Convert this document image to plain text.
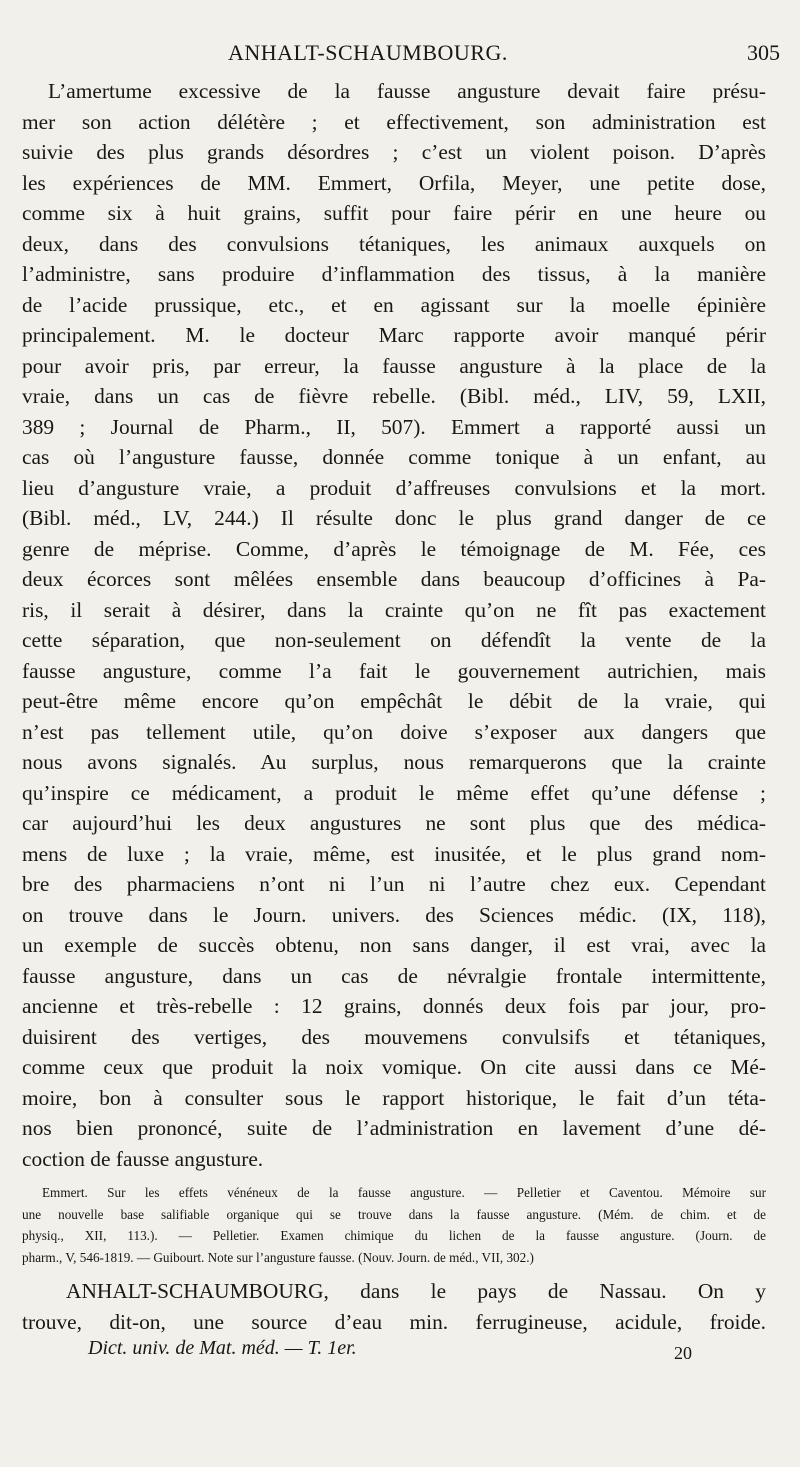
ANHALT-SCHAUMBOURG.	305
L’amertume excessive de la fausse angusture devait faire présu-
mer son action délétère ; et effectivement, son administration est
suivie des plus grands désordres ; c’est un violent poison. D’après
les expériences de MM. Emmert, Orfila, Meyer, une petite dose,
comme six à huit grains, suffit pour faire périr en une heure ou
deux, dans des convulsions tétaniques, les animaux auxquels on
l’administre, sans produire d’inflammation des tissus, à la manière
de l’acide prussique, etc., et en agissant sur la moelle épinière
principalement. M. le docteur Marc rapporte avoir manqué périr
pour avoir pris, par erreur, la fausse angusture à la place de la
vraie, dans un cas de fièvre rebelle. (Bibl. méd., LIV, 59, LXII,
389 ; Journal de Pharm., II, 507). Emmert a rapporté aussi un
cas où l’angusture fausse, donnée comme tonique à un enfant, au
lieu d’angusture vraie, a produit d’affreuses convulsions et la mort.
(Bibl. méd., LV, 244.) Il résulte donc le plus grand danger de ce
genre de méprise. Comme, d’après le témoignage de M. Fée, ces
deux écorces sont mêlées ensemble dans beaucoup d’officines à Pa-
ris, il serait à désirer, dans la crainte qu’on ne fît pas exactement
cette séparation, que non-seulement on défendît la vente de la
fausse angusture, comme l’a fait le gouvernement autrichien, mais
peut-être même encore qu’on empêchât le débit de la vraie, qui
n’est pas tellement utile, qu’on doive s’exposer aux dangers que
nous avons signalés. Au surplus, nous remarquerons que la crainte
qu’inspire ce médicament, a produit le même effet qu’une défense ;
car aujourd’hui les deux angustures ne sont plus que des médica-
mens de luxe ; la vraie, même, est inusitée, et le plus grand nom-
bre des pharmaciens n’ont ni l’un ni l’autre chez eux. Cependant
on trouve dans le Journ. univers. des Sciences médic. (IX, 118),
un exemple de succès obtenu, non sans danger, il est vrai, avec la
fausse angusture, dans un cas de névralgie frontale intermittente,
ancienne et très-rebelle : 12 grains, donnés deux fois par jour, pro-
duisirent des vertiges, des mouvemens convulsifs et tétaniques,
comme ceux que produit la noix vomique. On cite aussi dans ce Mé-
moire, bon à consulter sous le rapport historique, le fait d’un téta-
nos bien prononcé, suite de l’administration en lavement d’une dé-
coction de fausse angusture.
Emmert. Sur les effets vénéneux de la fausse angusture. — Pelletier et Caventou. Mémoire sur
une nouvelle base salifiable organique qui se trouve dans la fausse angusture. (Mém. de chim. et de
physiq., XII, 113.). — Pelletier. Examen chimique du lichen de la fausse angusture. (Journ. de
pharm., V, 546-1819. — Guibourt. Note sur l’angusture fausse. (Nouv. Journ. de méd., VII, 302.)
ANHALT-SCHAUMBOURG, dans le pays de Nassau. On y
trouve, dit-on, une source d’eau min. ferrugineuse, acidule, froide.
Dict. univ. de Mat. méd. — T. 1er.	20
